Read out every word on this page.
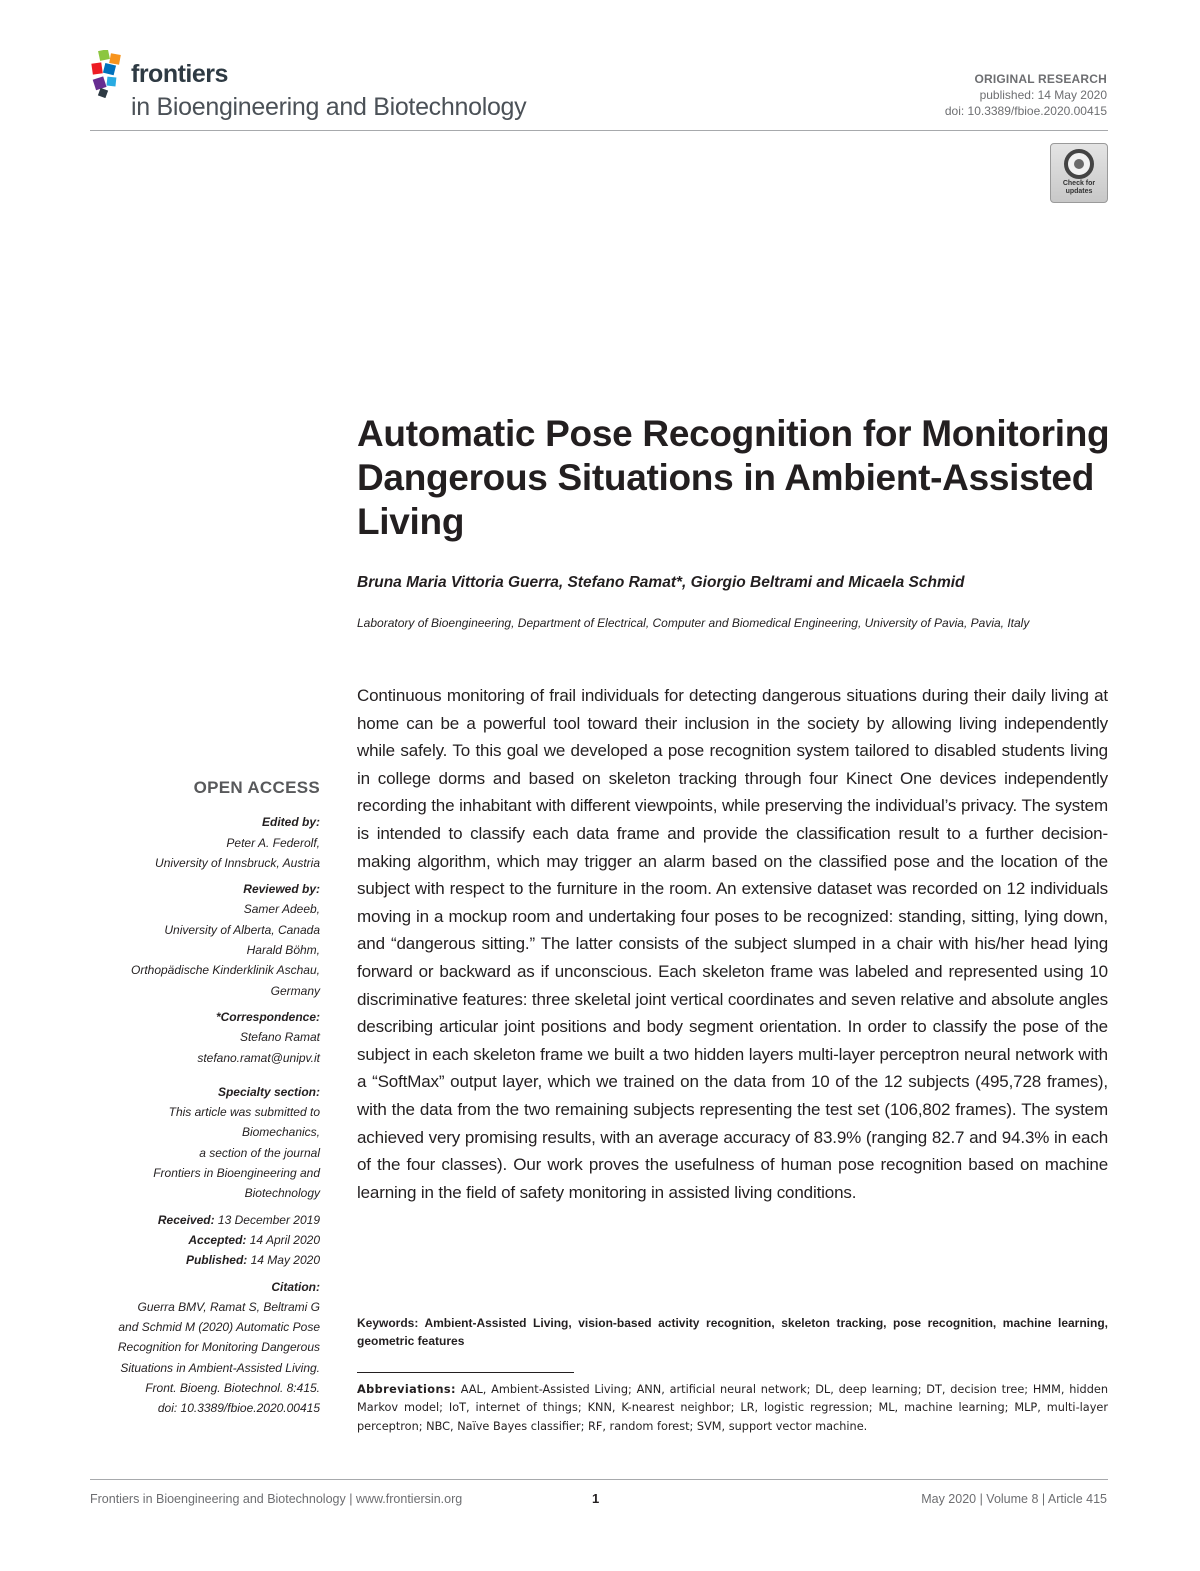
frontiers
in Bioengineering and Biotechnology
ORIGINAL RESEARCH
published: 14 May 2020
doi: 10.3389/fbioe.2020.00415
Check for updates
Automatic Pose Recognition for Monitoring Dangerous Situations in Ambient-Assisted Living
Bruna Maria Vittoria Guerra, Stefano Ramat*, Giorgio Beltrami and Micaela Schmid
Laboratory of Bioengineering, Department of Electrical, Computer and Biomedical Engineering, University of Pavia, Pavia, Italy

Continuous monitoring of frail individuals for detecting dangerous situations during their daily living at home can be a powerful tool toward their inclusion in the society by allowing living independently while safely. To this goal we developed a pose recognition system tailored to disabled students living in college dorms and based on skeleton tracking through four Kinect One devices independently recording the inhabitant with different viewpoints, while preserving the individual’s privacy. The system is intended to classify each data frame and provide the classification result to a further decision-making algorithm, which may trigger an alarm based on the classified pose and the location of the subject with respect to the furniture in the room. An extensive dataset was recorded on 12 individuals moving in a mockup room and undertaking four poses to be recognized: standing, sitting, lying down, and “dangerous sitting.” The latter consists of the subject slumped in a chair with his/her head lying forward or backward as if unconscious. Each skeleton frame was labeled and represented using 10 discriminative features: three skeletal joint vertical coordinates and seven relative and absolute angles describing articular joint positions and body segment orientation. In order to classify the pose of the subject in each skeleton frame we built a two hidden layers multi-layer perceptron neural network with a “SoftMax” output layer, which we trained on the data from 10 of the 12 subjects (495,728 frames), with the data from the two remaining subjects representing the test set (106,802 frames). The system achieved very promising results, with an average accuracy of 83.9% (ranging 82.7 and 94.3% in each of the four classes). Our work proves the usefulness of human pose recognition based on machine learning in the field of safety monitoring in assisted living conditions.

Keywords: Ambient-Assisted Living, vision-based activity recognition, skeleton tracking, pose recognition, machine learning, geometric features
Abbreviations: AAL, Ambient-Assisted Living; ANN, artificial neural network; DL, deep learning; DT, decision tree; HMM, hidden Markov model; IoT, internet of things; KNN, K-nearest neighbor; LR, logistic regression; ML, machine learning; MLP, multi-layer perceptron; NBC, Naïve Bayes classifier; RF, random forest; SVM, support vector machine.
OPEN ACCESS
Edited by:
Peter A. Federolf,
University of Innsbruck, Austria
Reviewed by:
Samer Adeeb,
University of Alberta, Canada
Harald Böhm,
Orthopädische Kinderklinik Aschau,
Germany
*Correspondence:
Stefano Ramat
stefano.ramat@unipv.it
Specialty section:
This article was submitted to
Biomechanics,
a section of the journal
Frontiers in Bioengineering and
Biotechnology
Received: 13 December 2019
Accepted: 14 April 2020
Published: 14 May 2020
Citation:
Guerra BMV, Ramat S, Beltrami G
and Schmid M (2020) Automatic Pose
Recognition for Monitoring Dangerous
Situations in Ambient-Assisted Living.
Front. Bioeng. Biotechnol. 8:415.
doi: 10.3389/fbioe.2020.00415
Frontiers in Bioengineering and Biotechnology | www.frontiersin.org	1	May 2020 | Volume 8 | Article 415
